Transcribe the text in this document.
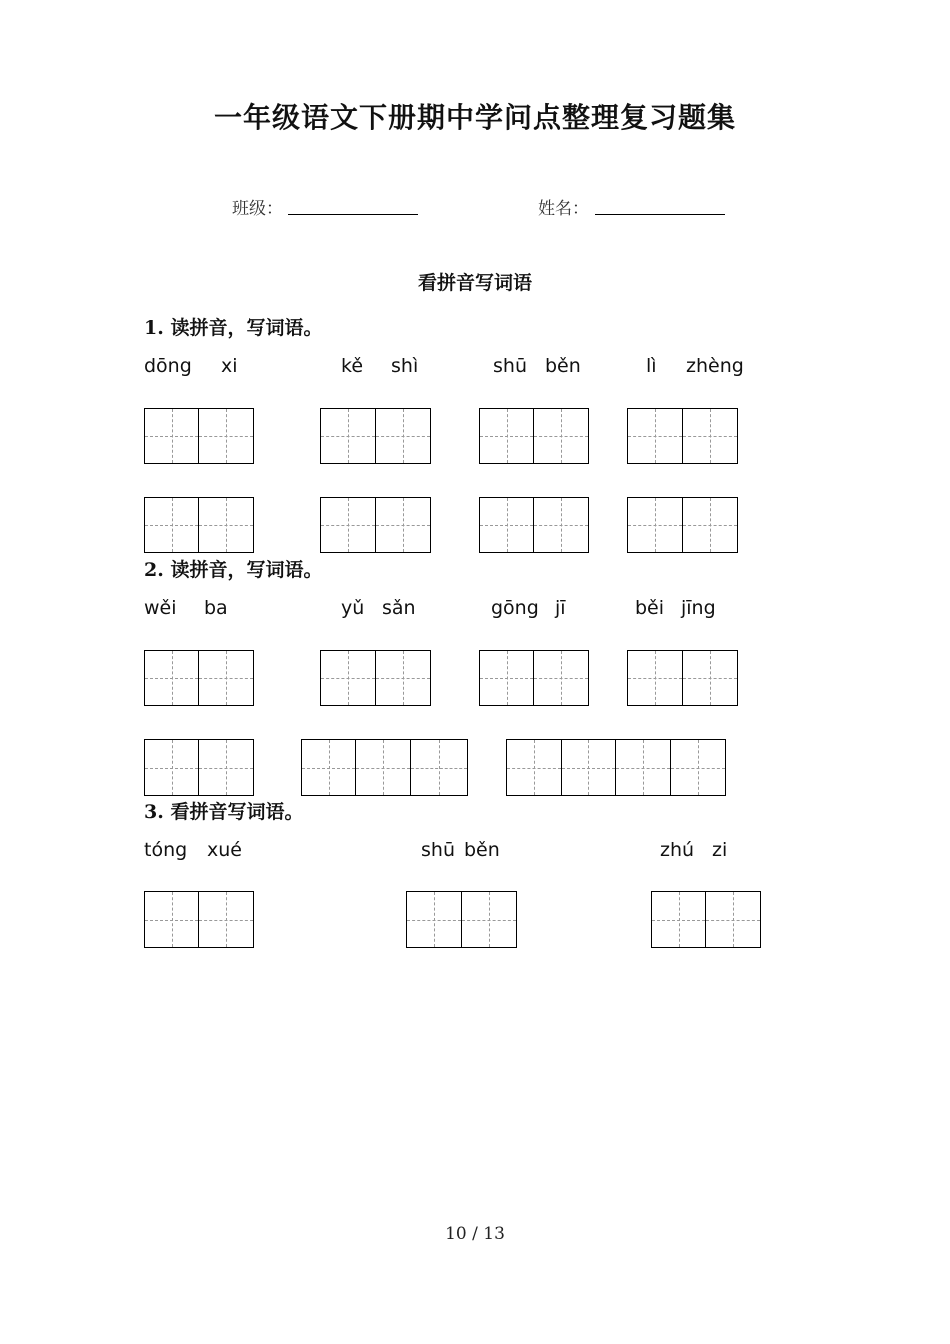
一年级语文下册期中学问点整理复习题集
班级：	姓名：
看拼音写词语
1. 读拼音，写词语。
dōng xi	kě shì	shū běn	lì zhèng
2. 读拼音，写词语。
wěi ba	yǔ sǎn	gōng jī	běi jīng
3. 看拼音写词语。
tóng xué	shū běn	zhú zi
10 / 13
